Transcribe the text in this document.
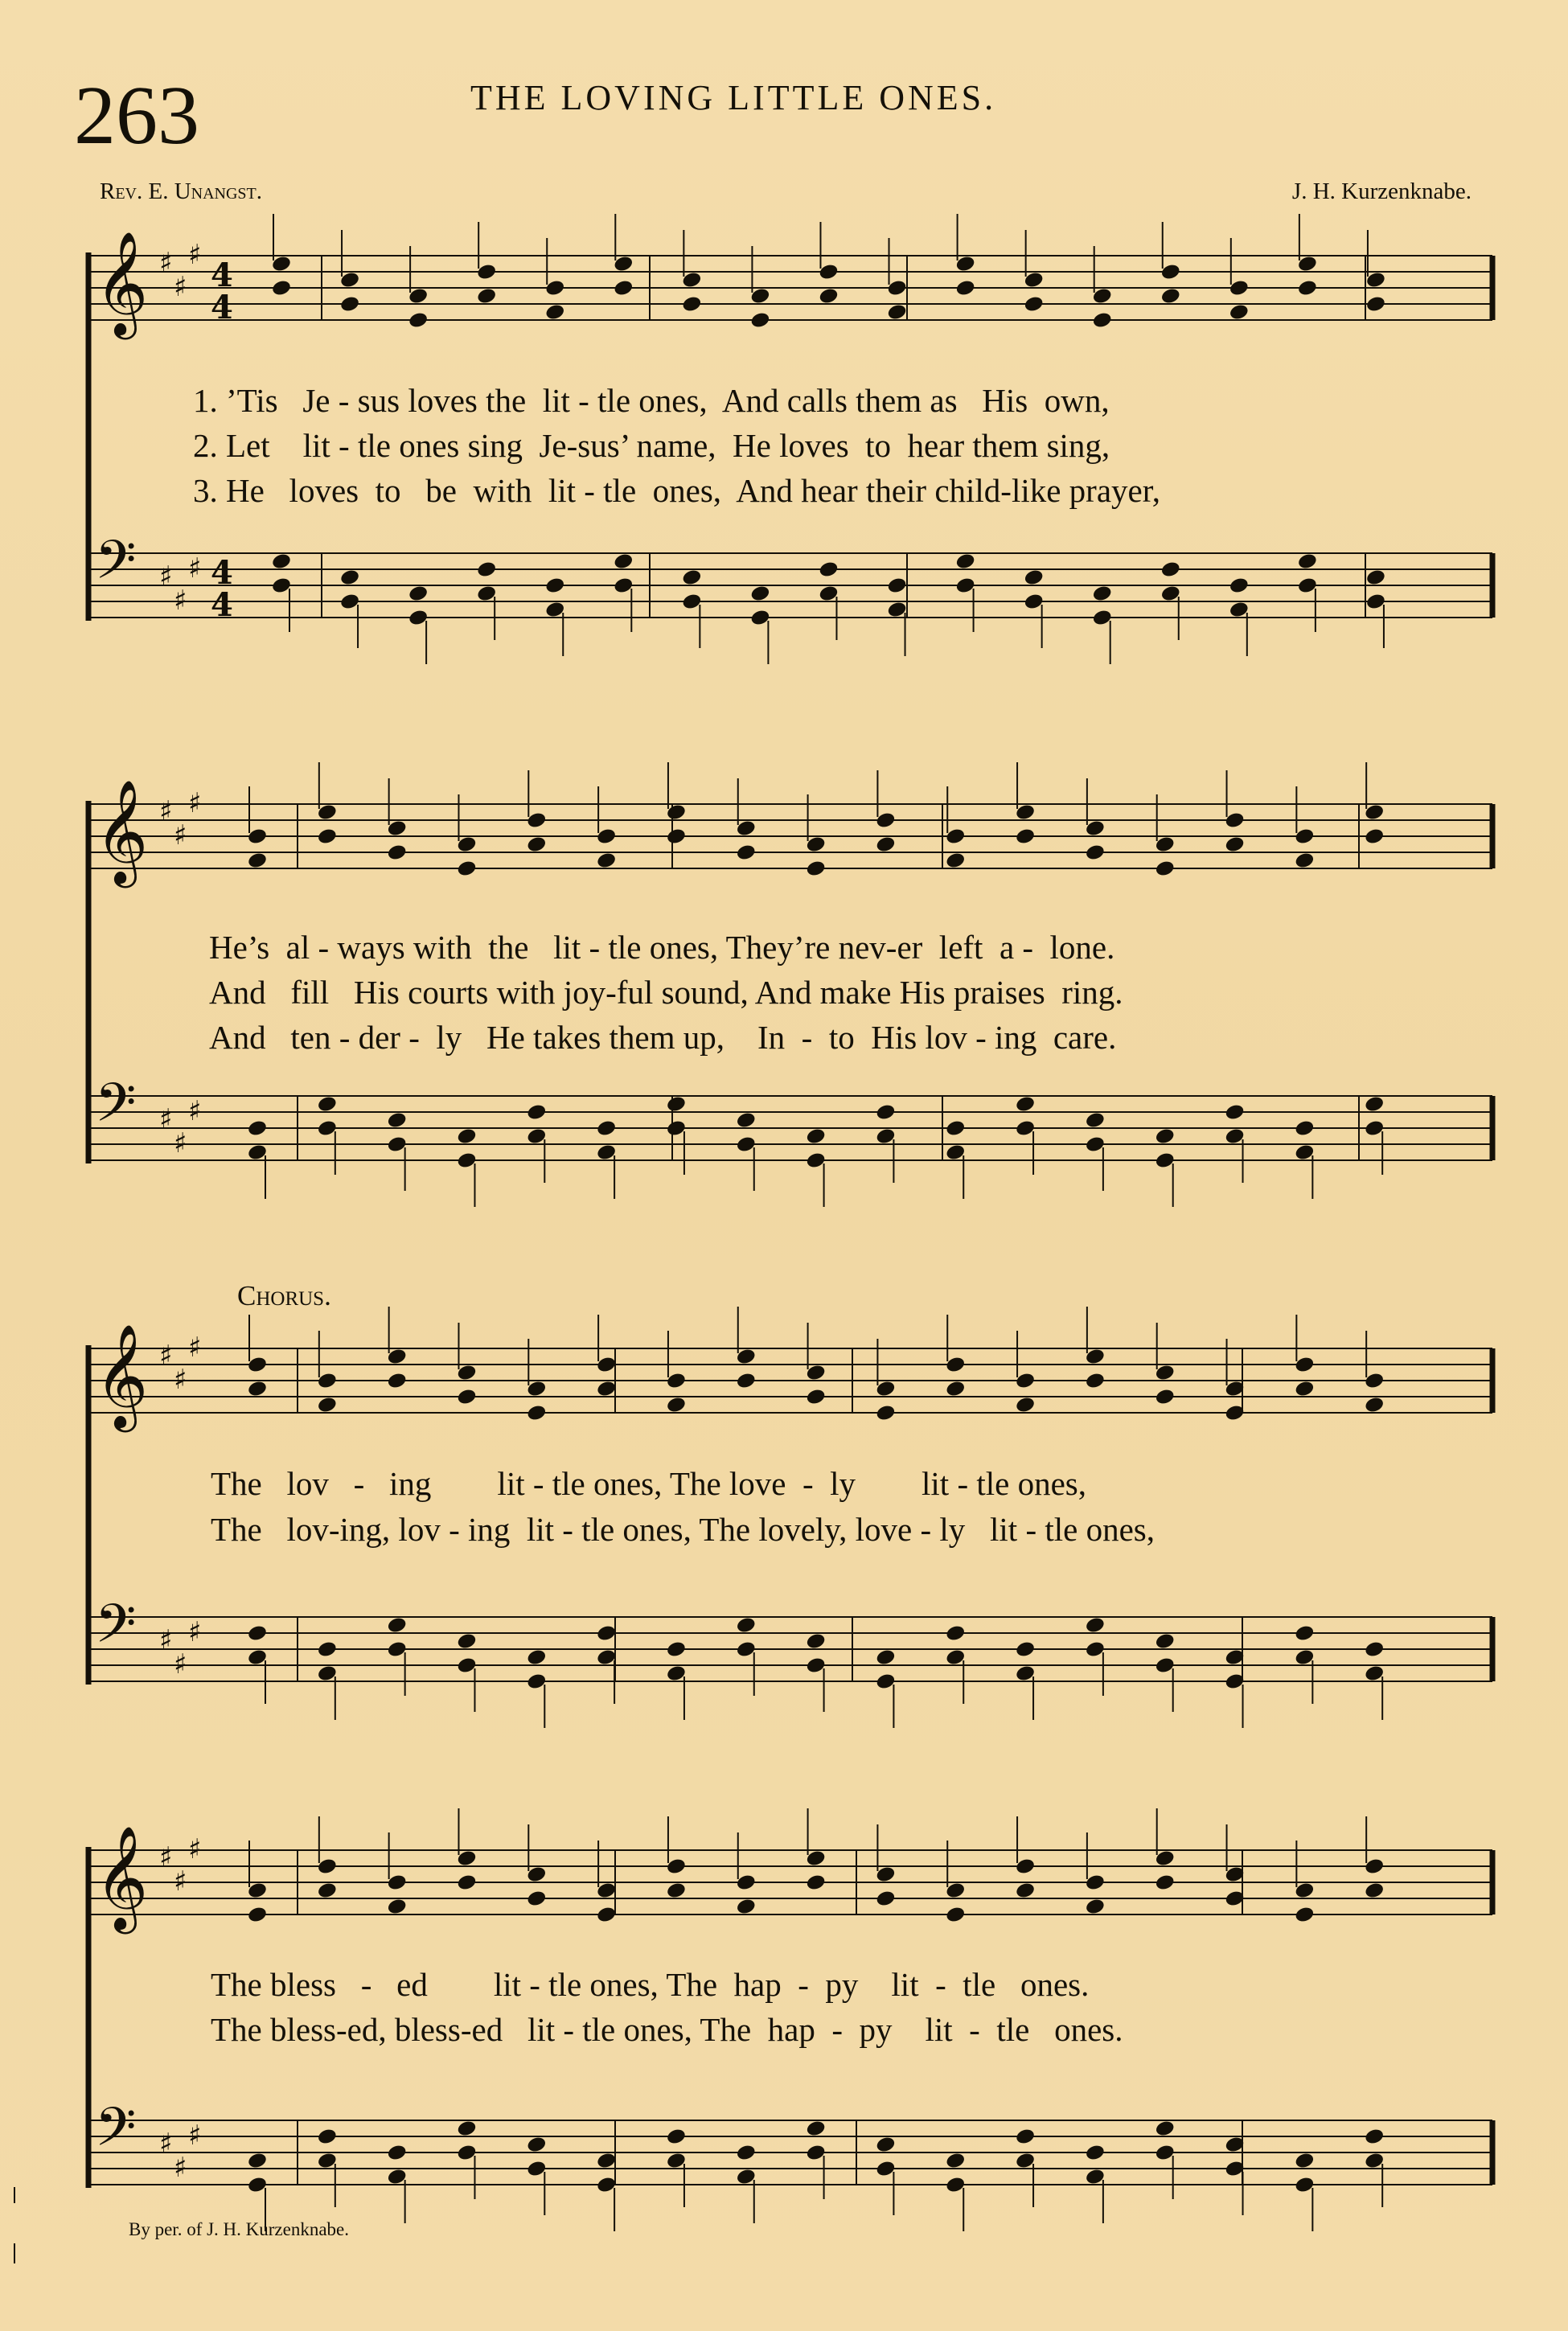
263	THE LOVING LITTLE ONES.
Rev. E. Unangst.	J. H. Kurzenknabe.
𝄞 ♯
♯
♯
4
4
𝄢 ♯
♯
♯ 4
4
𝄞 ♯
♯
♯
𝄢 ♯
♯
♯
𝄞 ♯
♯
♯
𝄢 ♯
♯
♯
𝄞 ♯
♯
♯
𝄢 ♯
♯
♯
1. ’Tis   Je - sus loves the  lit - tle ones,  And calls them as   His  own,
2. Let    lit - tle ones sing  Je-sus’ name,  He loves  to  hear them sing,
3. He   loves  to   be  with  lit - tle  ones,  And hear their child-like prayer,
He’s  al - ways with  the   lit - tle ones, They’re nev-er  left  a -  lone.
And   fill   His courts with joy-ful sound, And make His praises  ring.
And   ten - der -  ly   He takes them up,    In  -  to  His lov - ing  care.
Chorus.
The   lov   -   ing        lit - tle ones, The love  -  ly        lit - tle ones,
The   lov-ing, lov - ing  lit - tle ones, The lovely, love - ly   lit - tle ones,
The bless   -   ed        lit - tle ones, The  hap  -  py    lit  -  tle   ones.
The bless-ed, bless-ed   lit - tle ones, The  hap  -  py    lit  -  tle   ones.
By per. of J. H. Kurzenknabe.
